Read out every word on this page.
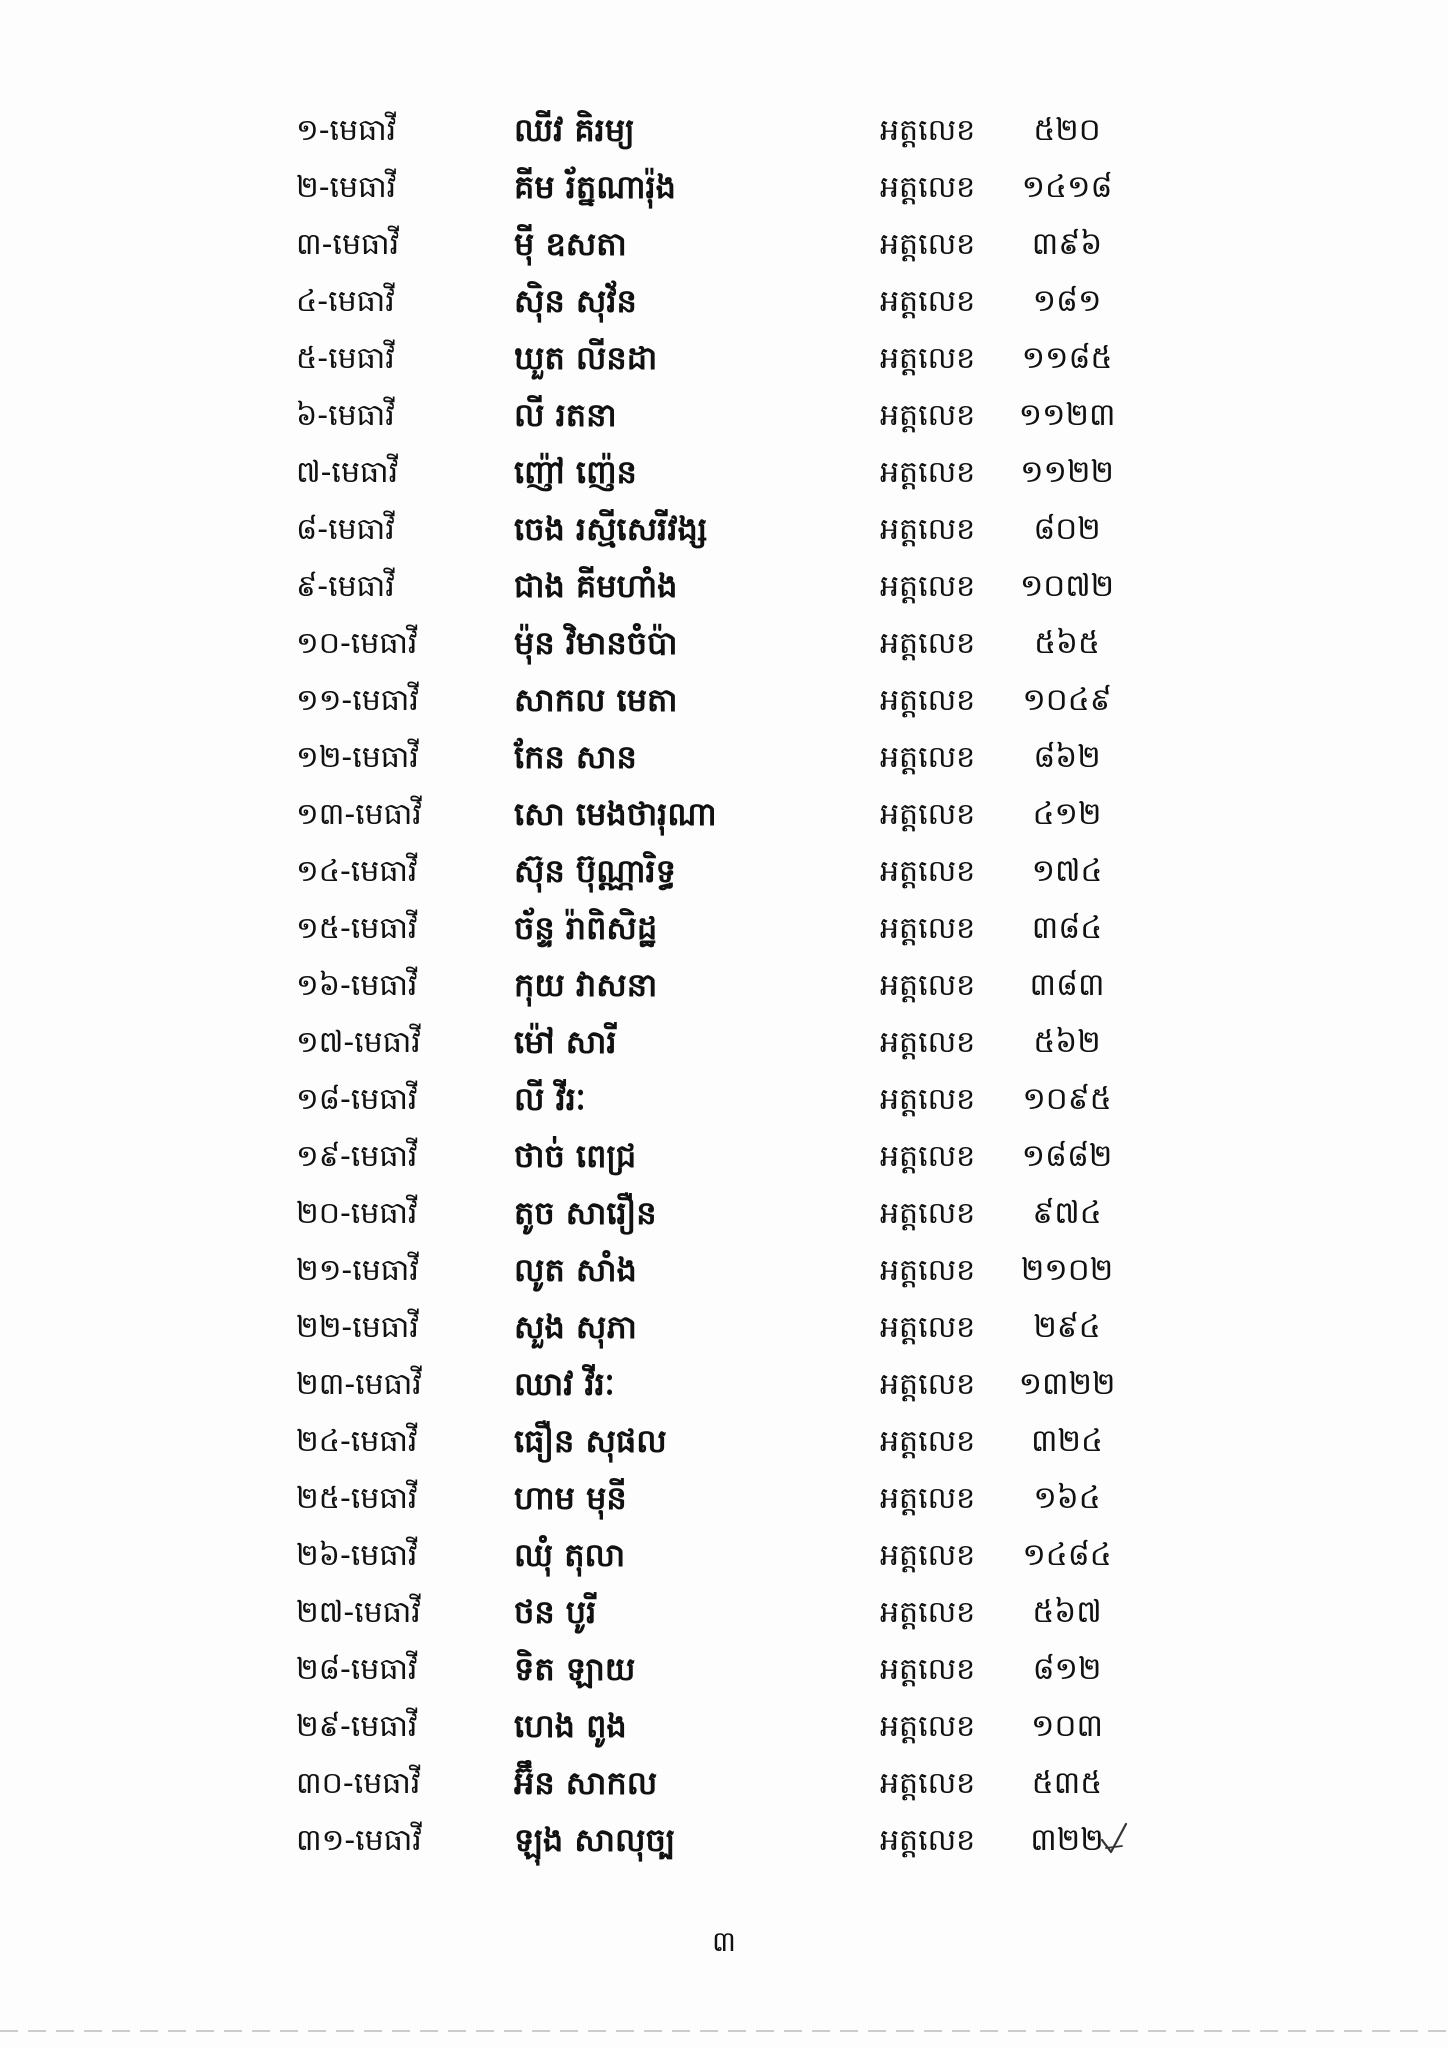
១-មេធាវី	ឈីវ គិរម្យ	អត្តលេខ	៥២០
២-មេធាវី	គីម រ័ត្នណារ៉ុង	អត្តលេខ ១៤១៨
៣-មេធាវី	ម៉ី ឧសតា	អត្តលេខ	៣៩៦
៤-មេធាវី	ស៊ិន សុវ័ន	អត្តលេខ	១៨១
៥-មេធាវី	ឃួត លីនដា	អត្តលេខ ១១៨៥
៦-មេធាវី	លី រតនា	អត្តលេខ ១១២៣
៧-មេធាវី	ញ៉ៅ ញ៉េន	អត្តលេខ ១១២២
៨-មេធាវី	ចេង រស្មីសេរីវង្ស	អត្តលេខ	៨០២
៩-មេធាវី	ជាង គីមហាំង	អត្តលេខ ១០៧២
១០-មេធាវី	ម៉ុន វិមានចំប៉ា	អត្តលេខ	៥៦៥
១១-មេធាវី	សាកល មេតា	អត្តលេខ ១០៤៩
១២-មេធាវី	កែន សាន	អត្តលេខ	៨៦២
១៣-មេធាវី	សោ មេងថារុណា	អត្តលេខ	៤១២
១៤-មេធាវី	ស៊ុន ប៊ុណ្ណារិទ្ធ	អត្តលេខ	១៧៤
១៥-មេធាវី	ច័ន្ទ រ៉ាពិសិដ្ឋ	អត្តលេខ	៣៨៤
១៦-មេធាវី	កុយ វាសនា	អត្តលេខ	៣៨៣
១៧-មេធាវី	ម៉ៅ សារី	អត្តលេខ	៥៦២
១៨-មេធាវី	លី វីរៈ	អត្តលេខ ១០៩៥
១៩-មេធាវី	ថាច់ ពេជ្រ	អត្តលេខ ១៨៨២
២០-មេធាវី	តូច សារឿន	អត្តលេខ	៩៧៤
២១-មេធាវី	លូត សាំង	អត្តលេខ ២១០២
២២-មេធាវី	សួង សុភា	អត្តលេខ	២៩៤
២៣-មេធាវី	ឈាវ វីរៈ	អត្តលេខ ១៣២២
២៤-មេធាវី	ធឿន សុផល	អត្តលេខ	៣២៤
២៥-មេធាវី	ហាម មុនី	អត្តលេខ	១៦៤
២៦-មេធាវី	ឈុំ តុលា	អត្តលេខ ១៤៨៤
២៧-មេធាវី	ថន បូរី	អត្តលេខ	៥៦៧
២៨-មេធាវី	ទិត ឡាយ	អត្តលេខ	៨១២
២៩-មេធាវី	ហេង ពូង	អត្តលេខ	១០៣
៣០-មេធាវី	អ៊ឹន សាកល	អត្តលេខ	៥៣៥
៣១-មេធាវី	ឡុង សាលុច្ប	អត្តលេខ	៣២២
៣
